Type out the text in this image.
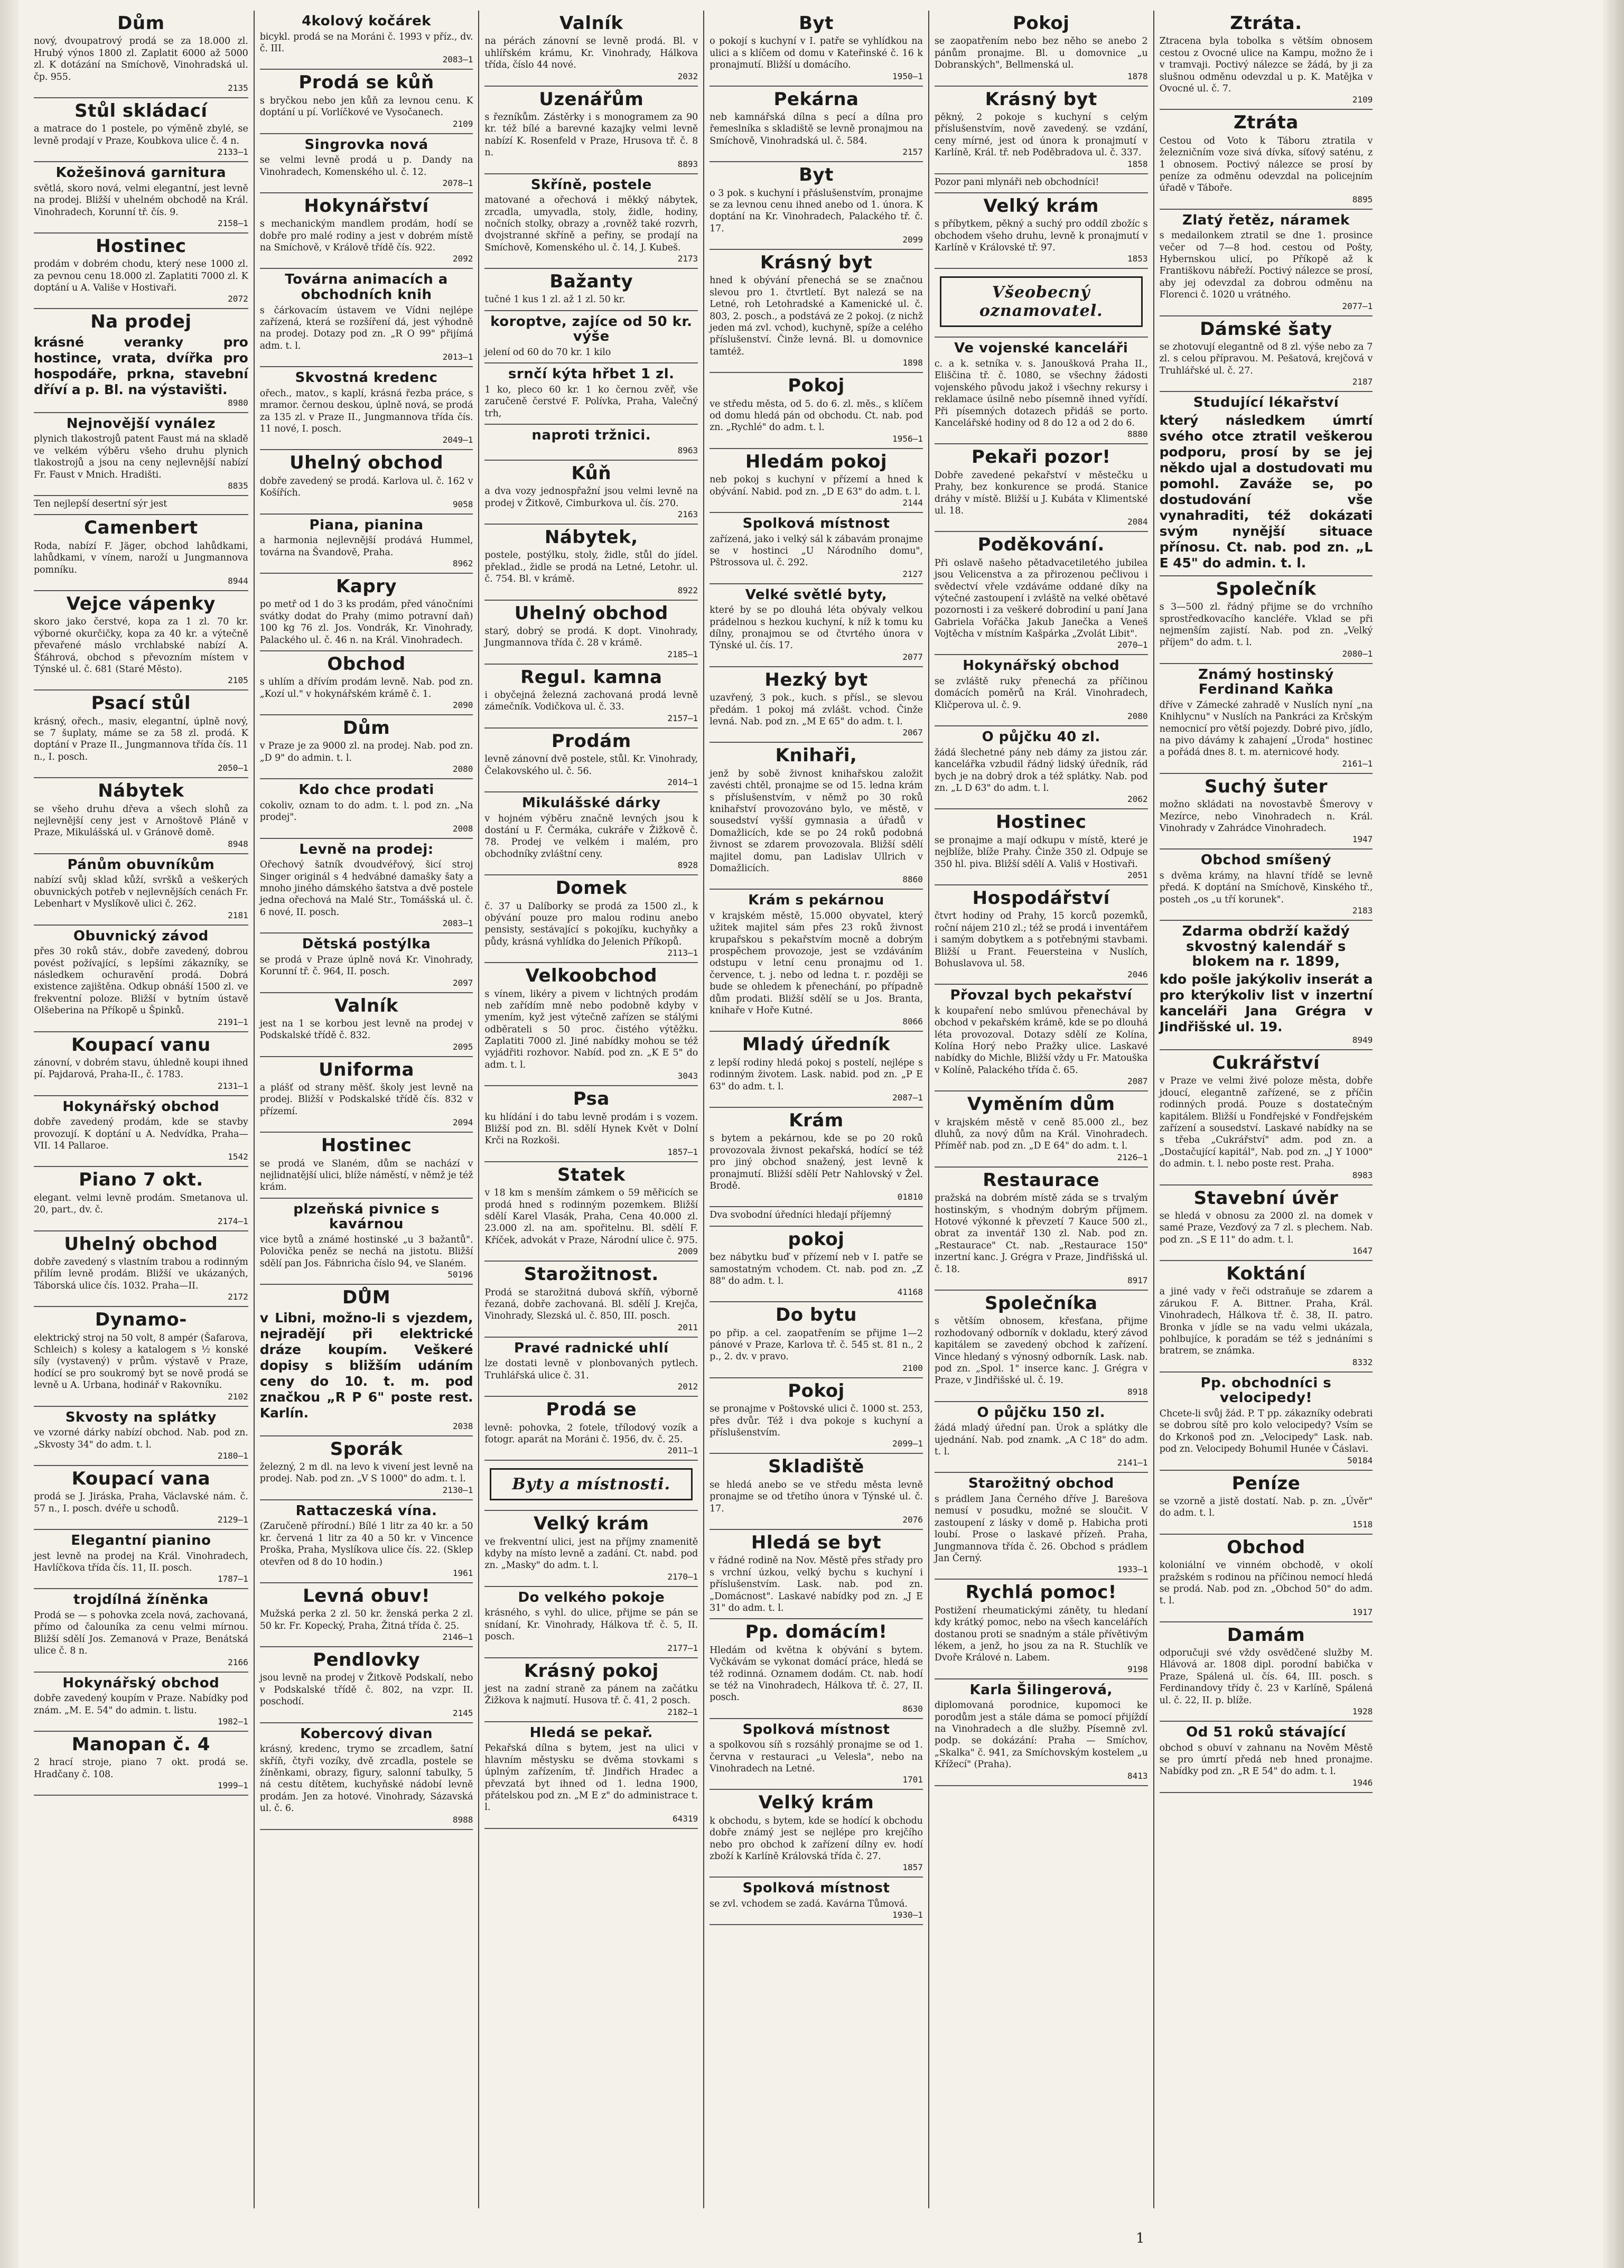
Dům
nový, dvoupatrový prodá se za 18.000 zl. Hrubý výnos 1800 zl. Zaplatit 6000 až 5000 zl. K dotázání na Smíchově, Vinohradská ul. čp. 955.
2135
Stůl skládací
a matrace do 1 postele, po výměně zbylé, se levně prodají v Praze, Koubkova ulice č. 4 n.
2133—1
Kožešinová garnitura
světlá, skoro nová, velmi elegantní, jest levně na prodej. Bližší v uhelném obchodě na Král. Vinohradech, Korunní tř. čís. 9.
2158—1
Hostinec
prodám v dobrém chodu, který nese 1000 zl. za pevnou cenu 18.000 zl. Zaplatiti 7000 zl. K doptání u A. Vališe v Hostivaři.
2072
Na prodej
krásné veranky pro hostince, vrata, dvířka pro hospodáře, prkna, stavební dříví a p. Bl. na výstavišti.
8980
Nejnovější vynález
plynich tlakostrojů patent Faust má na skladě ve velkém výběru všeho druhu plynich tlakostrojů a jsou na ceny nejlevnější nabízí Fr. Faust v Mnich. Hradišti.
8835
Ten nejlepší desertní sýr jest
Camenbert
Roda, nabízí F. Jäger, obchod lahůdkami, lahůdkami, v vínem, naroží u Jungmannova pomníku.
8944
Vejce vápenky
skoro jako čerstvé, kopa za 1 zl. 70 kr. výborné okurčičky, kopa za 40 kr. a výtečně převařené máslo vrchlabské nabízí A. Šťáhrová, obchod s převozním místem v Týnské ul. č. 681 (Staré Město).
2105
Psací stůl
krásný, ořech., masiv, elegantní, úplně nový, se 7 šuplaty, máme se za 58 zl. prodá. K doptání v Praze II., Jungmannova třída čís. 11 n., I. posch.
2050—1
Nábytek
se všeho druhu dřeva a všech slohů za nejlevnější ceny jest v Arnoštově Pláně v Praze, Mikulášská ul. v Gránově domě.
8948
Pánům obuvníkům
nabízí svůj sklad kůží, svršků a veškerých obuvnických potřeb v nejlevnějších cenách Fr. Lebenhart v Myslíkově ulici č. 262.
2181
Obuvnický závod
přes 30 roků stáv., dobře zavedený, dobrou povést požívající, s lepšími zákazníky, se následkem ochuravění prodá. Dobrá existence zajištěna. Odkup obnáší 1500 zl. ve frekventní poloze. Bližší v bytním ústavě Olšeberina na Příkopě u Špinků.
2191—1
Koupací vanu
zánovní, v dobrém stavu, úhledně koupi ihned pí. Pajdarová, Praha-II., č. 1783.
2131—1
Hokynářský obchod
dobře zavedený prodám, kde se stavby provozují. K doptání u A. Nedvídka, Praha—VII. 14 Pallaroe.
1542
Piano 7 okt.
elegant. velmi levně prodám. Smetanova ul. 20, part., dv. č.
2174—1
Uhelný obchod
dobře zavedený s vlastním trabou a rodinným přilím levně prodám. Bližší ve ukázaných, Táborská ulice čís. 1032. Praha—II.
2172
Dynamo-
elektrický stroj na 50 volt, 8 ampér (Šafarova, Schleich) s kolesy a katalogem s ½ konské síly (vystavený) v prům. výstavě v Praze, hodící se pro soukromý byt se nově prodá se levně u A. Urbana, hodinář v Rakovníku.
2102
Skvosty na splátky
ve vzorné dárky nabízí obchod. Nab. pod zn. „Skvosty 34" do adm. t. l.
2180—1
Koupací vana
prodá se J. Jiráska, Praha, Václavské nám. č. 57 n., I. posch. dvéře u schodů.
2129—1
Elegantní pianino
jest levně na prodej na Král. Vinohradech, Havlíčkova třída čís. 11, II. posch.
1787—1
trojdílná žíněnka
Prodá se — s pohovka zcela nová, zachovaná, přímo od čalouníka za cenu velmi mírnou. Bližší sdělí Jos. Zemanová v Praze, Benátská ulice č. 8 n.
2166
Hokynářský obchod
dobře zavedený koupím v Praze. Nabídky pod znám. „M. E. 54" do admin. t. listu.
1982—1
Manopan č. 4
2 hrací stroje, piano 7 okt. prodá se. Hradčany č. 108.
1999—1
4kolový kočárek
bicykl. prodá se na Moráni č. 1993 v příz., dv. č. III.
2083—1
Prodá se kůň
s bryčkou nebo jen kůň za levnou cenu. K doptání u pí. Vorlíčkové ve Vysočanech.
2109
Singrovka nová
se velmi levně prodá u p. Dandy na Vinohradech, Komenského ul. č. 12.
2078—1
Hokynářství
s mechanickým mandlem prodám, hodí se dobře pro malé rodiny a jest v dobrém místě na Smíchově, v Králově třídě čís. 922.
2092
Továrna animacích a obchodních knih
s čárkovacím ústavem ve Vídni nejlépe zařízená, která se rozšíření dá, jest výhodně na prodej. Dotazy pod zn. „R O 99" přijímá adm. t. l.
2013—1
Skvostná kredenc
ořech., matov., s kaplí, krásná řezba práce, s mramor. černou deskou, úplně nová, se prodá za 135 zl. v Praze II., Jungmannova třída čís. 11 nové, I. posch.
2049—1
Uhelný obchod
dobře zavedený se prodá. Karlova ul. č. 162 v Košířích.
9058
Piana, pianina
a harmonia nejlevnější prodává Hummel, továrna na Švandově, Praha.
8962
Kapry
po metř od 1 do 3 ks prodám, před vánočními svátky dodat do Prahy (mimo potravní daň) 100 kg 76 zl. Jos. Vondrák, Kr. Vinohrady, Palackého ul. č. 46 n. na Král. Vinohradech.
Obchod
s uhlím a dřívím prodám levně. Nab. pod zn. „Kozí ul." v hokynářském krámě č. 1.
2090
Dům
v Praze je za 9000 zl. na prodej. Nab. pod zn. „D 9" do admin. t. l.
2080
Kdo chce prodati
cokoliv, oznam to do adm. t. l. pod zn. „Na prodej".
2008
Levně na prodej:
Ořechový šatník dvoudvéřový, šicí stroj Singer originál s 4 hedvábné damašky šaty a mnoho jiného dámského šatstva a dvě postele jedna ořechová na Malé Str., Tomášská ul. č. 6 nové, II. posch.
2083—1
Dětská postýlka
se prodá v Praze úplně nová Kr. Vinohrady, Korunní tř. č. 964, II. posch.
2097
Valník
jest na 1 se korbou jest levně na prodej v Podskalské třídě č. 832.
2095
Uniforma
a plášť od strany měšť. školy jest levně na prodej. Bližší v Podskalské třídě čís. 832 v přízemí.
2094
Hostinec
se prodá ve Slaném, dům se nachází v nejlidnatější ulici, blíže náměstí, v němž je též krám.
plzeňská pivnice s kavárnou
vice bytů a známé hostinské „u 3 bažantů". Polovička peněz se nechá na jistotu. Bližší sdělí pan Jos. Fábnricha číslo 94, ve Slaném.
50196
DŮM
v Libni, možno-li s vjezdem, nejradějí při elektrické dráze koupím. Veškeré dopisy s bližším udáním ceny do 10. t. m. pod značkou „R P 6" poste rest. Karlín.
2038
Sporák
železný, 2 m dl. na levo k vivení jest levně na prodej. Nab. pod zn. „V S 1000" do adm. t. l.
2130—1
Rattaczeská vína.
(Zaručeně přírodní.) Bílé 1 litr za 40 kr. a 50 kr. červená 1 litr za 40 a 50 kr. v Vincence Proška, Praha, Myslíkova ulice čís. 22. (Sklep otevřen od 8 do 10 hodin.)
1961
Levná obuv!
Mužská perka 2 zl. 50 kr. ženská perka 2 zl. 50 kr. Fr. Kopecký, Praha, Žitná třída č. 25.
2146—1
Pendlovky
jsou levně na prodej v Žitkově Podskalí, nebo v Podskalské třídě č. 802, na vzpr. II. poschodí.
2145
Kobercový divan
krásný, kredenc, trymo se zrcadlem, šatní skříň, čtyři vozíky, dvě zrcadla, postele se žíněnkami, obrazy, figury, salonní tabulky, 5 ná cestu dítětem, kuchyňské nádobí levně prodám. Jen za hotové. Vinohrady, Sázavská ul. č. 6.
8988
Valník
na pérách zánovní se levně prodá. Bl. v uhlířském krámu, Kr. Vinohrady, Hálkova třída, číslo 44 nové.
2032
Uzenářům
s řezníkům. Zástěrky i s monogramem za 90 kr. též bílé a barevné kazajky velmi levně nabízí K. Rosenfeld v Praze, Hrusova tř. č. 8 n.
8893
Skříně, postele
matované a ořechová i měkký nábytek, zrcadla, umyvadla, stoly, židle, hodiny, nočních stolky, obrazy a ,rovněž také rozvrh, dvojstranné skříně a peřiny, se prodají na Smíchově, Komenského ul. č. 14, J. Kubeš.
2173
Bažanty
tučné 1 kus 1 zl. až 1 zl. 50 kr.
koroptve, zajíce od 50 kr. výše
jelení od 60 do 70 kr. 1 kilo
srnčí kýta hřbet 1 zl.
1 ko, pleco 60 kr. 1 ko černou zvěř, vše zaručeně čerstvé F. Polívka, Praha, Valečný trh,
naproti tržnici.
8963
Kůň
a dva vozy jednospřažní jsou velmi levně na prodej v Žitkově, Cimburkova ul. čís. 270.
2163
Nábytek,
postele, postýlku, stoly, židle, stůl do jídel. překlad., židle se prodá na Letné, Letohr. ul. č. 754. Bl. v krámě.
8922
Uhelný obchod
starý, dobrý se prodá. K dopt. Vinohrady, Jungmannova třída č. 28 v krámě.
2185—1
Regul. kamna
i obyčejná železná zachovaná prodá levně zámečník. Vodičkova ul. č. 33.
2157—1
Prodám
levně zánovní dvě postele, stůl. Kr. Vinohrady, Čelakovského ul. č. 56.
2014—1
Mikulášské dárky
v hojném výběru značně levných jsou k dostání u F. Čermáka, cukráře v Žižkově č. 78. Prodej ve velkém i malém, pro obchodníky zvláštní ceny.
8928
Domek
č. 37 u Dalíborky se prodá za 1500 zl., k obývání pouze pro malou rodinu anebo pensisty, sestávající s pokojíku, kuchyňky a půdy, krásná vyhlídka do Jelenich Příkopů.
2113—1
Velkoobchod
s vínem, likéry a pivem v lichtných prodám neb zařídím mně nebo podobně kdyby v ymením, kyž jest výtečně zařízen se stálými odběrateli s 50 proc. čistého výtěžku. Zaplatiti 7000 zl. Jiné nabídky mohou se též vyjádřiti rozhovor. Nabíd. pod zn. „K E 5" do adm. t. l.
3043
Psa
ku hlídání i do tabu levně prodám i s vozem. Bližší pod zn. Bl. sdělí Hynek Květ v Dolní Krči na Rozkoši.
1857—1
Statek
v 18 km s menším zámkem o 59 měřicích se prodá hned s rodinným pozemkem. Bližší sdělí Karel Vlasák, Praha, Cena 40.000 zl. 23.000 zl. na am. spořitelnu. Bl. sdělí F. Kříček, advokát v Praze, Národní ulice č. 975.
2009
Starožitnost.
Prodá se starožitná dubová skříň, výborně řezaná, dobře zachovaná. Bl. sdělí J. Krejča, Vinohrady, Slezská ul. č. 850, III. posch.
2011
Pravé radnické uhlí
lze dostati levně v plonbovaných pytlech. Truhlářská ulice č. 31.
2012
Prodá se
levně: pohovka, 2 fotele, třílodový vozík a fotogr. aparát na Moráni č. 1956, dv. č. 25.
2011—1
Byty a místnosti.
Velký krám
ve frekventní ulici, jest na příjmy znamenitě kdyby na místo levně a zadání. Ct. nabd. pod zn. „Masky" do adm. t. l.
2170—1
Do velkého pokoje
krásného, s vyhl. do ulice, přijme se pán se snídaní, Kr. Vinohrady, Hálkova tř. č. 5, II. posch.
2177—1
Krásný pokoj
jest na zadní straně za pánem na začátku Žižkova k najmutí. Husova tř. č. 41, 2 posch.
2182—1
Hledá se pekař.
Pekařská dílna s bytem, jest na ulici v hlavním městysku se dvěma stovkami s úplným zařízením, tř. Jindřich Hradec a převzatá byt ihned od 1. ledna 1900, přátelskou pod zn. „M E z" do administrace t. l.
64319
Byt
o pokojí s kuchyní v I. patře se vyhlídkou na ulici a s klíčem od domu v Kateřinské č. 16 k pronajmutí. Bližší u domácího.
1950—1
Pekárna
neb kamnářská dílna s pecí a dílna pro řemeslníka s skladiště se levně pronajmou na Smíchově, Vinohradská ul. č. 584.
2157
Byt
o 3 pok. s kuchyní i přáslušenstvím, pronajme se za levnou cenu ihned anebo od 1. února. K doptání na Kr. Vinohradech, Palackého tř. č. 17.
2099
Krásný byt
hned k obývání přenechá se se značnou slevou pro 1. čtvrtletí. Byt nalezá se na Letné, roh Letohradské a Kamenické ul. č. 803, 2. posch., a podstává ze 2 pokoj. (z nichž jeden má zvl. vchod), kuchyně, spíže a celého příslušenství. Činže levná. Bl. u domovnice tamtéž.
1898
Pokoj
ve středu města, od 5. do 6. zl. měs., s klíčem od domu hledá pán od obchodu. Ct. nab. pod zn. „Rychlé" do adm. t. l.
1956—1
Hledám pokoj
neb pokoj s kuchyní v přízemí a hned k obývání. Nabid. pod zn. „D E 63" do adm. t. l.
2144
Spolková místnost
zařízená, jako i velký sál k zábavám pronajme se v hostinci „U Národního domu", Pštrossova ul. č. 292.
2127
Velké světlé byty,
které by se po dlouhá léta obývaly velkou prádelnou s hezkou kuchyní, k níž k tomu ku dílny, pronajmou se od čtvrtého února v Týnské ul. čís. 17.
2077
Hezký byt
uzavřený, 3 pok., kuch. s přísl., se slevou předám. 1 pokoj má zvlášt. vchod. Činže levná. Nab. pod zn. „M E 65" do adm. t. l.
2067
Knihaři,
jenž by sobě živnost knihařskou založit zavésti chtěl, pronajme se od 15. ledna krám s příslušenstvím, v němž po 30 roků knihařství provozováno bylo, ve městě, v sousedství vyšší gymnasia a úřadů v Domažlicích, kde se po 24 roků podobná živnost se zdarem provozovala. Bližší sdělí majitel domu, pan Ladislav Ullrich v Domažlicích.
8860
Krám s pekárnou
v krajském městě, 15.000 obyvatel, který užitek majitel sám přes 23 roků živnost krupařskou s pekařstvím mocně a dobrým prospěchem provozoje, jest se vzdáváním odstupu v letní cenu pronajmu od 1. července, t. j. nebo od ledna t. r. později se bude se ohledem k přenechání, po případně dům prodati. Bližší sdělí se u Jos. Branta, knihaře v Hoře Kutné.
8066
Mladý úředník
z lepší rodiny hledá pokoj s postelí, nejlépe s rodinným životem. Lask. nabid. pod zn. „P E 63" do adm. t. l.
2087—1
Krám
s bytem a pekárnou, kde se po 20 roků provozovala živnost pekařská, hodící se též pro jiný obchod snažený, jest levně k pronajmutí. Bližší sdělí Petr Nahlovský v Žel. Brodě.
01810
Dva svobodní úředníci hledají příjemný
pokoj
bez nábytku buď v přízemí neb v I. patře se samostatným vchodem. Ct. nab. pod zn. „Z 88" do adm. t. l.
41168
Do bytu
po přip. a cel. zaopatřením se přijme 1—2 pánové v Praze, Karlova tř. č. 545 st. 81 n., 2 p., 2. dv. v pravo.
2100
Pokoj
se pronajme v Poštovské ulici č. 1000 st. 253, přes dvůr. Též i dva pokoje s kuchyní a příslušenstvím.
2099—1
Skladiště
se hledá anebo se ve středu města levně pronajme se od třetího února v Týnské ul. č. 17.
2076
Hledá se byt
v řádné rodině na Nov. Městě přes střady pro s vrchní úzkou, velký bychu s kuchyní i příslušenstvím. Lask. nab. pod zn. „Domácnost". Laskavé nabídky pod zn. „J E 31" do adm. t. l.
Pp. domácím!
Hledám od května k obývání s bytem. Vyčkávám se vykonat domácí práce, hledá se též rodinná. Oznamem dodám. Ct. nab. hodí se též na Vinohradech, Hálkova tř. č. 27, II. posch.
8630
Spolková místnost
a spolkovou síň s rozsáhlý pronajme se od 1. června v restauraci „u Velesla", nebo na Vinohradech na Letné.
1701
Velký krám
k obchodu, s bytem, kde se hodící k obchodu dobře známý jest se nejlépe pro krejčího nebo pro obchod k zařízení dílny ev. hodí zboží k Karlíně Královská třída č. 27.
1857
Spolková místnost
se zvl. vchodem se zadá. Kavárna Tůmová.
1930—1
Pokoj
se zaopatřením nebo bez něho se anebo 2 pánům pronajme. Bl. u domovnice „u Dobranských", Bellmenská ul.
1878
Krásný byt
pěkný, 2 pokoje s kuchyní s celým příslušenstvím, nově zavedený. se vzdání, ceny mírné, jest od února k pronajmutí v Karlíně, Král. tř. neb Poděbradova ul. č. 337.
1858
Pozor pani mlynáři neb obchodníci!
Velký krám
s příbytkem, pěkný a suchý pro oddíl zbožíc s obchodem všeho druhu, levně k pronajmutí v Karlíně v Královské tř. 97.
1853
Všeobecný oznamovatel.
Ve vojenské kanceláři
c. a k. setníka v. s. Janoušková Praha II., Eliščina tř. č. 1080, se všechny žádosti vojenského původu jakož i všechny rekursy i reklamace úsilně nebo písemně ihned vyřídí. Při písemných dotazech přidáš se porto. Kancelářské hodiny od 8 do 12 a od 2 do 6.
8880
Pekaři pozor!
Dobře zavedené pekařství v městečku u Prahy, bez konkurence se prodá. Stanice dráhy v místě. Bližší u J. Kubáta v Klimentské ul. 18.
2084
Poděkování.
Při oslavě našeho pětadvacetiletého jubilea jsou Velicenstva a za přirozenou pečlivou i svědectví vřele vzdáváme oddané díky na výtečné zastoupení i zvláště na velké obětavé pozornosti i za veškeré dobrodiní u paní Jana Gabriela Vořáčka Jakub Janečka a Veneš Vojtěcha v místním Kašpárka „Zvolát Libit".
2070—1
Hokynářský obchod
se zvláště ruky přenechá za příčinou domácích poměrů na Král. Vinohradech, Kličperova ul. č. 9.
2080
O půjčku 40 zl.
žádá šlechetné pány neb dámy za jistou zár. kancelářka vzbudil řádný lidský úředník, rád bych je na dobrý drok a též splátky. Nab. pod zn. „L D 63" do adm. t. l.
2062
Hostinec
se pronajme a mají odkupu v místě, které je nejblíže, blíže Prahy. Činže 350 zl. Odpuje se 350 hl. piva. Bližší sdělí A. Vališ v Hostivaři.
2051
Hospodářství
čtvrt hodiny od Prahy, 15 korců pozemků, roční nájem 210 zl.; též se prodá i inventářem i samým dobytkem a s potřebnými stavbami. Bližší u Frant. Feuersteina v Nuslích, Bohuslavova ul. 58.
2046
Přovzal bych pekařství
k koupaření nebo smlúvou přenechával by obchod v pekařském krámě, kde se po dlouhá léta provozoval. Dotazy sdělí ze Kolína, Kolína Horý nebo Pražky ulice. Laskavé nabídky do Michle, Bližší vždy u Fr. Matouška v Kolíně, Palackého třída č. 65.
2087
Vyměním dům
v krajském městě v ceně 85.000 zl., bez dluhů, za nový dům na Král. Vinohradech. Příměř nab. pod zn. „D E 64" do adm. t. l.
2126—1
Restaurace
pražská na dobrém místě záda se s trvalým hostinským, s vhodným dobrým příjmem. Hotové výkonné k převzetí 7 Kauce 500 zl., obrat za inventář 130 zl. Nab. pod zn. „Restaurace" Ct. nab. „Restaurace 150" inzertní kanc. J. Grégra v Praze, Jindřišská ul. č. 18.
8917
Společníka
s větším obnosem, křesťana, přijme rozhodovaný odborník v dokladu, který závod kapitálem se zavedený obchod k zařízení. Vince hledaný s výnosný odborník. Lask. nab. pod zn. „Spol. 1" inserce kanc. J. Grégra v Praze, v Jindřišské ul. č. 19.
8918
O půjčku 150 zl.
žádá mladý úřední pan. Úrok a splátky dle ujednání. Nab. pod znamk. „A C 18" do adm. t. l.
2141—1
Starožitný obchod
s prádlem Jana Černého dříve J. Barešova nemusí v posudku, možné se sloučit. V zastoupení z lásky v domě p. Habicha proti loubí. Prose o laskavé přízeň. Praha, Jungmannova třída č. 26. Obchod s prádlem Jan Černý.
1933—1
Rychlá pomoc!
Postižení rheumatickými záněty, tu hledaní kdy krátký pomoc, nebo na všech kancelářích dostanou proti se snadným a stále přívětivým lékem, a jenž, ho jsou za na R. Stuchlík ve Dvoře Králové n. Labem.
9198
Karla Šilingerová,
diplomovaná porodnice, kupomoci ke porodům jest a stále dáma se pomocí přijíždí na Vinohradech a dle služby. Písemně zvl. podp. se dokázání: Praha — Smíchov, „Skalka" č. 941, za Smíchovským kostelem „u Křížecí" (Praha).
8413
Ztráta.
Ztracena byla tobolka s větším obnosem cestou z Ovocné ulice na Kampu, možno že i v tramvaji. Poctivý nálezce se žádá, by ji za slušnou odměnu odevzdal u p. K. Matějka v Ovocné ul. č. 7.
2109
Ztráta
Cestou od Voto k Táboru ztratila v železničním voze sivá dívka, síťový saténu, z 1 obnosem. Poctivý nálezce se prosí by peníze za odměnu odevzdal na policejním úřadě v Táboře.
8895
Zlatý řetěz, náramek
s medailonkem ztratil se dne 1. prosince večer od 7—8 hod. cestou od Pošty, Hybernskou ulicí, po Příkopě až k Františkovu nábřeží. Poctivý nálezce se prosí, aby jej odevzdal za dobrou odměnu na Florenci č. 1020 u vrátného.
2077—1
Dámské šaty
se zhotovují elegantně od 8 zl. výše nebo za 7 zl. s celou přípravou. M. Pešatová, krejčová v Truhlářské ul. č. 27.
2187
Studující lékařství
který následkem úmrtí svého otce ztratil veškerou podporu, prosí by se jej někdo ujal a dostudovati mu pomohl. Zaváže se, po dostudování vše vynahraditi, též dokázati svým nynější situace přínosu. Ct. nab. pod zn. „L E 45" do admin. t. l.
Společník
s 3—500 zl. řádný přijme se do vrchního sprostředkovacího kancléře. Vklad se při nejmenším zajistí. Nab. pod zn. „Velký příjem" do adm. t. l.
2080—1
Známý hostinský Ferdinand Kaňka
dříve v Zámecké zahradě v Nuslích nyní „na Knihlycnu" v Nuslích na Pankráci za Krčským nemocnicí pro větší pojezdy. Dobré pivo, jídlo, na pivo dávámy k zahajení „Úroda" hostinec a pořádá dnes 8. t. m. aternicové hody.
2161—1
Suchý šuter
možno skládati na novostavbě Šmerovy v Mezírce, nebo Vinohradech n. Král. Vinohrady v Zahrádce Vinohradech.
1947
Obchod smíšený
s dvěma krámy, na hlavní třídě se levně předá. K doptání na Smíchově, Kinského tř., posteh „os „u tří korunek".
2183
Zdarma obdrží každý skvostný kalendář s blokem na r. 1899,
kdo pošle jakýkoliv inserát a pro kterýkoliv list v inzertní kanceláři Jana Grégra v Jindřišské ul. 19.
8949
Cukrářství
v Praze ve velmi živé poloze města, dobře jdoucí, elegantně zařízené, se z příčin rodinných prodá. Pouze s dostatečným kapitálem. Bližší u Fondřejské v Fondřejském zařízení a sousedství. Laskavé nabídky na se s třeba „Cukrářství" adm. pod zn. a „Dostačující kapitál", Nab. pod zn. „J Y 1000" do admin. t. l. nebo poste rest. Praha.
8983
Stavební úvěr
se hledá v obnosu za 2000 zl. na domek v samé Praze, Vezďový za 7 zl. s plechem. Nab. pod zn. „S E 11" do adm. t. l.
1647
Koktání
a jiné vady v řeči odstraňuje se zdarem a zárukou F. A. Bittner. Praha, Král. Vinohradech, Hálkova tř. č. 38, II. patro. Bronka v jídle se na vadu velmi ukázala, pohlbujíce, k poradám se též s jednáními s bratrem, se známka.
8332
Pp. obchodníci s velocipedy!
Chcete-li svůj žád. P. T pp. zákazníky odebrati se dobrou sítě pro kolo velocipedy? Vsím se do Krkonoš pod zn. „Velocipedy" Lask. nab. pod zn. Velocipedy Bohumil Hunée v Čáslavi.
50184
Peníze
se vzorně a jistě dostatí. Nab. p. zn. „Úvěr" do adm. t. l.
1518
Obchod
koloniální ve vinném obchodě, v okolí pražském s rodinou na příčinou nemocí hledá se prodá. Nab. pod zn. „Obchod 50" do adm. t. l.
1917
Damám
odporučuji své vždy osvědčené služby M. Hlávová ar. 1808 dipl. porodní babička v Praze, Spálená ul. čís. 64, III. posch. s Ferdinandovy třídy č. 23 v Karlíně, Spálená ul. č. 22, II. p. blíže.
1928
Od 51 roků stávající
obchod s obuví v zahnanu na Nověm Městě se pro úmrtí předá neb hned pronajme. Nabídky pod zn. „R E 54" do adm. t. l.
1946
1
